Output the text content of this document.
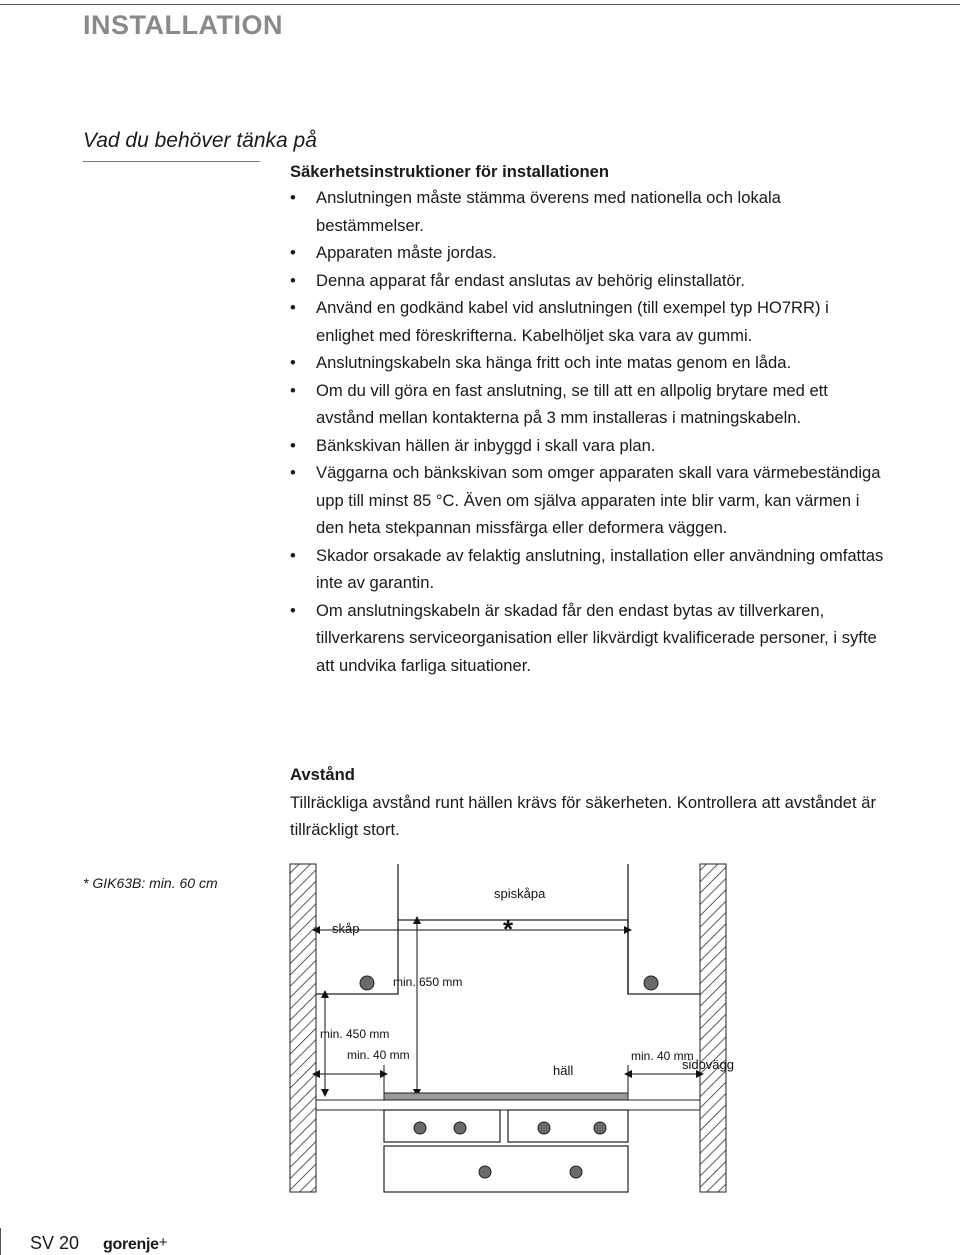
INSTALLATION
Vad du behöver tänka på
Säkerhetsinstruktioner för installationen
• Anslutningen måste stämma överens med nationella och lokala bestämmelser.
• Apparaten måste jordas.
• Denna apparat får endast anslutas av behörig elinstallatör.
• Använd en godkänd kabel vid anslutningen (till exempel typ HO7RR) i enlighet med föreskrifterna. Kabelhöljet ska vara av gummi.
• Anslutningskabeln ska hänga fritt och inte matas genom en låda.
• Om du vill göra en fast anslutning, se till att en allpolig brytare med ett avstånd mellan kontakterna på 3 mm installeras i matningskabeln.
• Bänkskivan hällen är inbyggd i skall vara plan.
• Väggarna och bänkskivan som omger apparaten skall vara värmebeständiga upp till minst 85 °C. Även om själva apparaten inte blir varm, kan värmen i den heta stekpannan missfärga eller deformera väggen.
• Skador orsakade av felaktig anslutning, installation eller användning omfattas inte av garantin.
• Om anslutningskabeln är skadad får den endast bytas av tillverkaren, tillverkarens serviceorganisation eller likvärdigt kvalificerade personer, i syfte att undvika farliga situationer.
Avstånd

Tillräckliga avstånd runt hällen krävs för säkerheten. Kontrollera att avståndet är tillräckligt stort.

* GIK63B: min. 60 cm
spiskåpa
skåp	*
min. 650 mm
min. 450 mm
min. 40 mm	min. 40 mm
häll	sidovägg
SV 20 gorenje+
